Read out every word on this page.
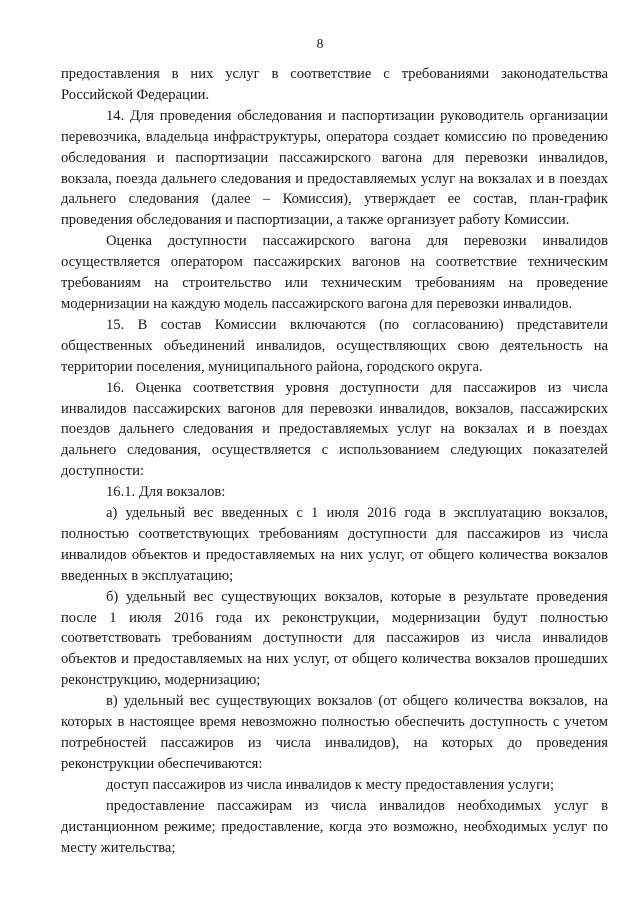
8

предоставления в них услуг в соответствие с требованиями законодательства Российской Федерации.

14. Для проведения обследования и паспортизации руководитель организации перевозчика, владельца инфраструктуры, оператора создает комиссию по проведению обследования и паспортизации пассажирского вагона для перевозки инвалидов, вокзала, поезда дальнего следования и предоставляемых услуг на вокзалах и в поездах дальнего следования (далее – Комиссия), утверждает ее состав, план-график проведения обследования и паспортизации, а также организует работу Комиссии.

Оценка доступности пассажирского вагона для перевозки инвалидов осуществляется оператором пассажирских вагонов на соответствие техническим требованиям на строительство или техническим требованиям на проведение модернизации на каждую модель пассажирского вагона для перевозки инвалидов.

15. В состав Комиссии включаются (по согласованию) представители общественных объединений инвалидов, осуществляющих свою деятельность на территории поселения, муниципального района, городского округа.

16. Оценка соответствия уровня доступности для пассажиров из числа инвалидов пассажирских вагонов для перевозки инвалидов, вокзалов, пассажирских поездов дальнего следования и предоставляемых услуг на вокзалах и в поездах дальнего следования, осуществляется с использованием следующих показателей доступности:

16.1. Для вокзалов:

а) удельный вес введенных с 1 июля 2016 года в эксплуатацию вокзалов, полностью соответствующих требованиям доступности для пассажиров из числа инвалидов объектов и предоставляемых на них услуг, от общего количества вокзалов введенных в эксплуатацию;

б) удельный вес существующих вокзалов, которые в результате проведения после 1 июля 2016 года их реконструкции, модернизации будут полностью соответствовать требованиям доступности для пассажиров из числа инвалидов объектов и предоставляемых на них услуг, от общего количества вокзалов прошедших реконструкцию, модернизацию;

в) удельный вес существующих вокзалов (от общего количества вокзалов, на которых в настоящее время невозможно полностью обеспечить доступность с учетом потребностей пассажиров из числа инвалидов), на которых до проведения реконструкции обеспечиваются:

доступ пассажиров из числа инвалидов к месту предоставления услуги;

предоставление пассажирам из числа инвалидов необходимых услуг в дистанционном режиме; предоставление, когда это возможно, необходимых услуг по месту жительства;
